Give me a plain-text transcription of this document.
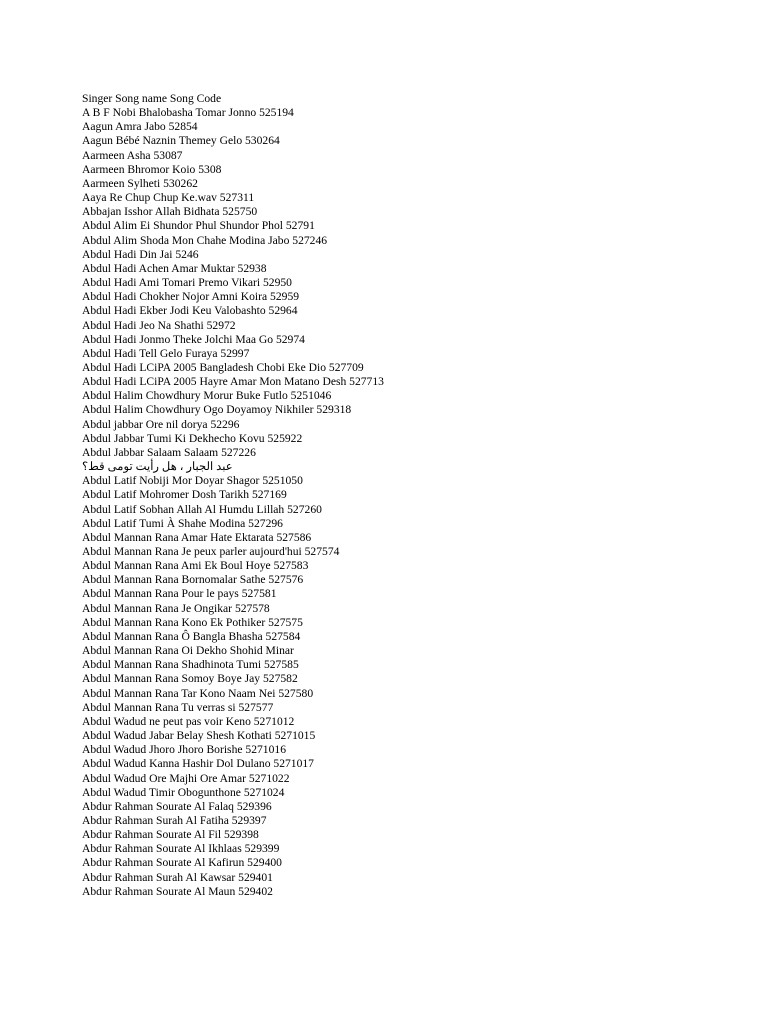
Singer Song name Song Code
A B F Nobi Bhalobasha Tomar Jonno 525194
Aagun Amra Jabo 52854
Aagun Bébé Naznin Themey Gelo 530264
Aarmeen Asha 53087
Aarmeen Bhromor Koio 5308
Aarmeen Sylheti 530262
Aaya Re Chup Chup Ke.wav 527311
Abbajan Isshor Allah Bidhata 525750
Abdul Alim Ei Shundor Phul Shundor Phol 52791
Abdul Alim Shoda Mon Chahe Modina Jabo 527246
Abdul Hadi Din Jai 5246
Abdul Hadi Achen Amar Muktar 52938
Abdul Hadi Ami Tomari Premo Vikari 52950
Abdul Hadi Chokher Nojor Amni Koira 52959
Abdul Hadi Ekber Jodi Keu Valobashto 52964
Abdul Hadi Jeo Na Shathi 52972
Abdul Hadi Jonmo Theke Jolchi Maa Go 52974
Abdul Hadi Tell Gelo Furaya 52997
Abdul Hadi LCiPA 2005 Bangladesh Chobi Eke Dio 527709
Abdul Hadi LCiPA 2005 Hayre Amar Mon Matano Desh 527713
Abdul Halim Chowdhury Morur Buke Futlo 5251046
Abdul Halim Chowdhury Ogo Doyamoy Nikhiler 529318
Abdul jabbar Ore nil dorya 52296
Abdul Jabbar Tumi Ki Dekhecho Kovu 525922
Abdul Jabbar Salaam Salaam 527226
عبد الجبار ، هل رأيت تومى قط؟
Abdul Latif Nobiji Mor Doyar Shagor 5251050
Abdul Latif Mohromer Dosh Tarikh 527169
Abdul Latif Sobhan Allah Al Humdu Lillah 527260
Abdul Latif Tumi À Shahe Modina 527296
Abdul Mannan Rana Amar Hate Ektarata 527586
Abdul Mannan Rana Je peux parler aujourd'hui 527574
Abdul Mannan Rana Ami Ek Boul Hoye 527583
Abdul Mannan Rana Bornomalar Sathe 527576
Abdul Mannan Rana Pour le pays 527581
Abdul Mannan Rana Je Ongikar 527578
Abdul Mannan Rana Kono Ek Pothiker 527575
Abdul Mannan Rana Ô Bangla Bhasha 527584
Abdul Mannan Rana Oi Dekho Shohid Minar
Abdul Mannan Rana Shadhinota Tumi 527585
Abdul Mannan Rana Somoy Boye Jay 527582
Abdul Mannan Rana Tar Kono Naam Nei 527580
Abdul Mannan Rana Tu verras si 527577
Abdul Wadud ne peut pas voir Keno 5271012
Abdul Wadud Jabar Belay Shesh Kothati 5271015
Abdul Wadud Jhoro Jhoro Borishe 5271016
Abdul Wadud Kanna Hashir Dol Dulano 5271017
Abdul Wadud Ore Majhi Ore Amar 5271022
Abdul Wadud Timir Obogunthone 5271024
Abdur Rahman Sourate Al Falaq 529396
Abdur Rahman Surah Al Fatiha 529397
Abdur Rahman Sourate Al Fil 529398
Abdur Rahman Sourate Al Ikhlaas 529399
Abdur Rahman Sourate Al Kafirun 529400
Abdur Rahman Surah Al Kawsar 529401
Abdur Rahman Sourate Al Maun 529402
